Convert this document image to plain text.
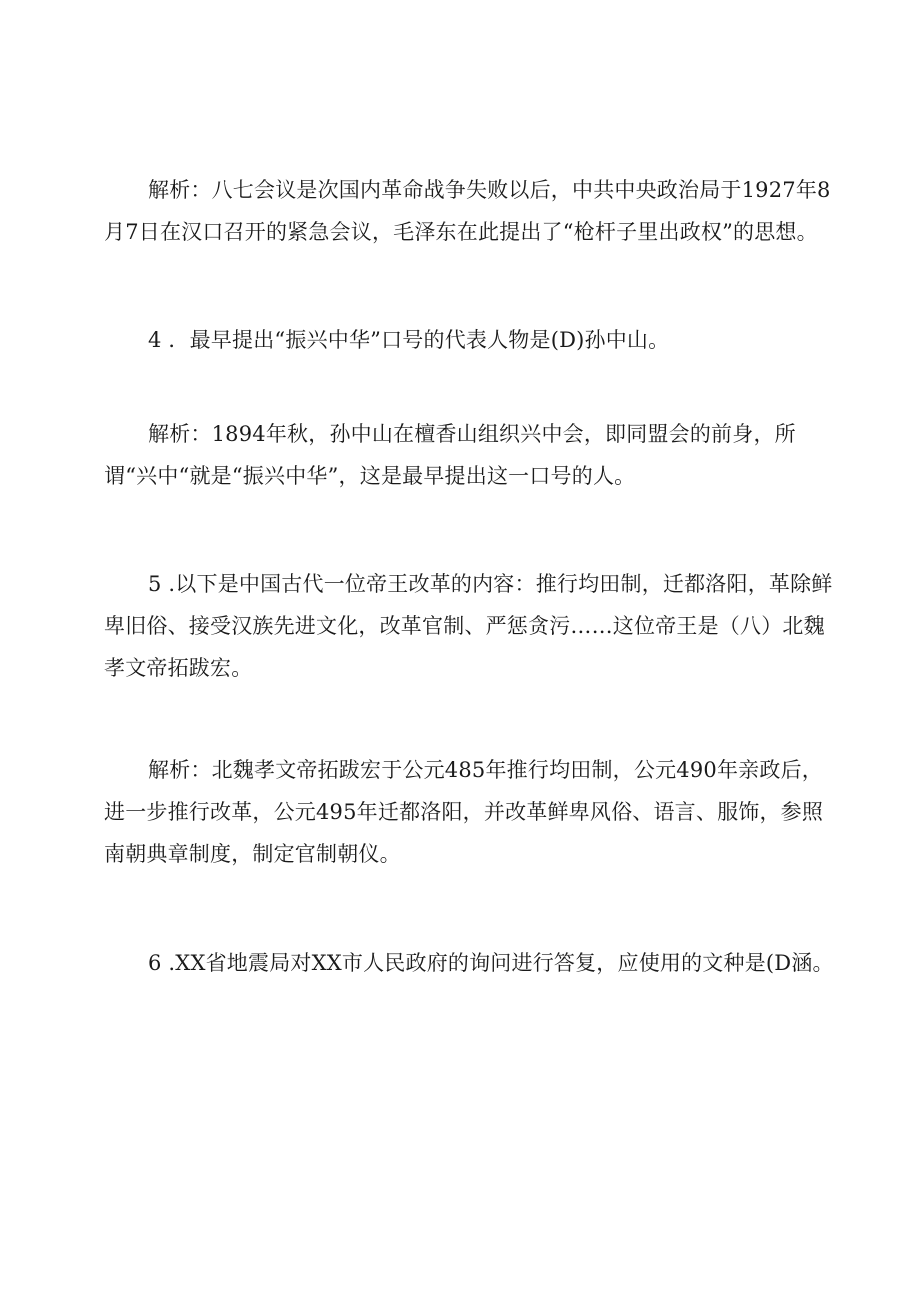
解析：八七会议是次国内革命战争失败以后，中共中央政治局于1927年8月7日在汉口召开的紧急会议，毛泽东在此提出了“枪杆子里出政权”的思想。

4 ．最早提出“振兴中华”口号的代表人物是(D)孙中山。

解析：1894年秋，孙中山在檀香山组织兴中会，即同盟会的前身，所谓“兴中“就是“振兴中华”，这是最早提出这一口号的人。

5 .以下是中国古代一位帝王改革的内容：推行均田制，迁都洛阳，革除鲜卑旧俗、接受汉族先进文化，改革官制、严惩贪污……这位帝王是（八）北魏孝文帝拓跋宏。

解析：北魏孝文帝拓跋宏于公元485年推行均田制，公元490年亲政后，进一步推行改革，公元495年迁都洛阳，并改革鲜卑风俗、语言、服饰，参照南朝典章制度，制定官制朝仪。

6 .XX省地震局对XX市人民政府的询问进行答复，应使用的文种是(D涵。
